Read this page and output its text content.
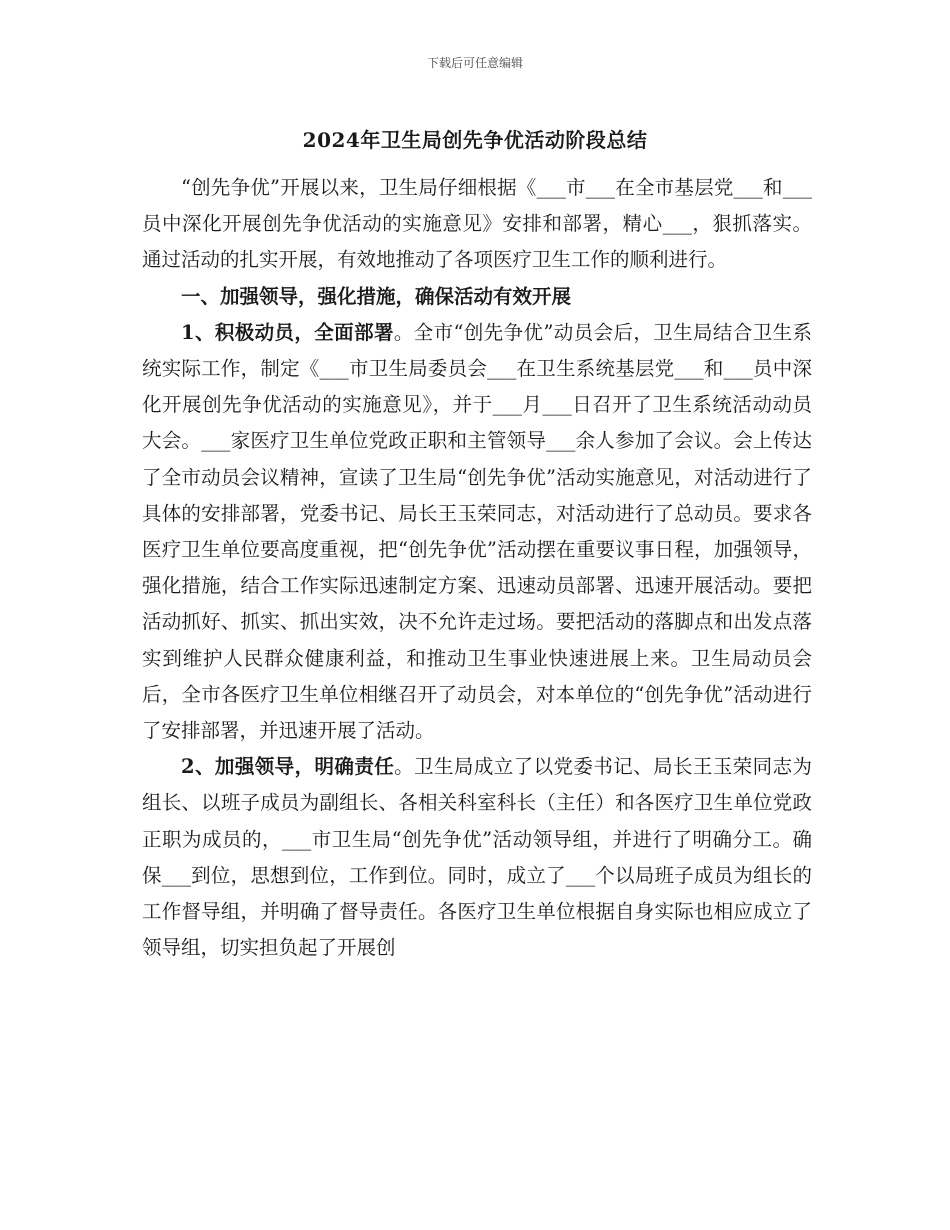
下载后可任意编辑
2024年卫生局创先争优活动阶段总结

“创先争优”开展以来，卫生局仔细根据《___市___在全市基层党___和___员中深化开展创先争优活动的实施意见》安排和部署，精心___，狠抓落实。通过活动的扎实开展，有效地推动了各项医疗卫生工作的顺利进行。

一、加强领导，强化措施，确保活动有效开展

1、积极动员，全面部署。全市“创先争优”动员会后，卫生局结合卫生系统实际工作，制定《___市卫生局委员会___在卫生系统基层党___和___员中深化开展创先争优活动的实施意见》，并于___月___日召开了卫生系统活动动员大会。___家医疗卫生单位党政正职和主管领导___余人参加了会议。会上传达了全市动员会议精神，宣读了卫生局“创先争优”活动实施意见，对活动进行了具体的安排部署，党委书记、局长王玉荣同志，对活动进行了总动员。要求各医疗卫生单位要高度重视，把“创先争优”活动摆在重要议事日程，加强领导，强化措施，结合工作实际迅速制定方案、迅速动员部署、迅速开展活动。要把活动抓好、抓实、抓出实效，决不允许走过场。要把活动的落脚点和出发点落实到维护人民群众健康利益，和推动卫生事业快速进展上来。卫生局动员会后，全市各医疗卫生单位相继召开了动员会，对本单位的“创先争优”活动进行了安排部署，并迅速开展了活动。

2、加强领导，明确责任。卫生局成立了以党委书记、局长王玉荣同志为组长、以班子成员为副组长、各相关科室科长（主任）和各医疗卫生单位党政正职为成员的，___市卫生局“创先争优”活动领导组，并进行了明确分工。确保___到位，思想到位，工作到位。同时，成立了___个以局班子成员为组长的工作督导组，并明确了督导责任。各医疗卫生单位根据自身实际也相应成立了领导组，切实担负起了开展创
